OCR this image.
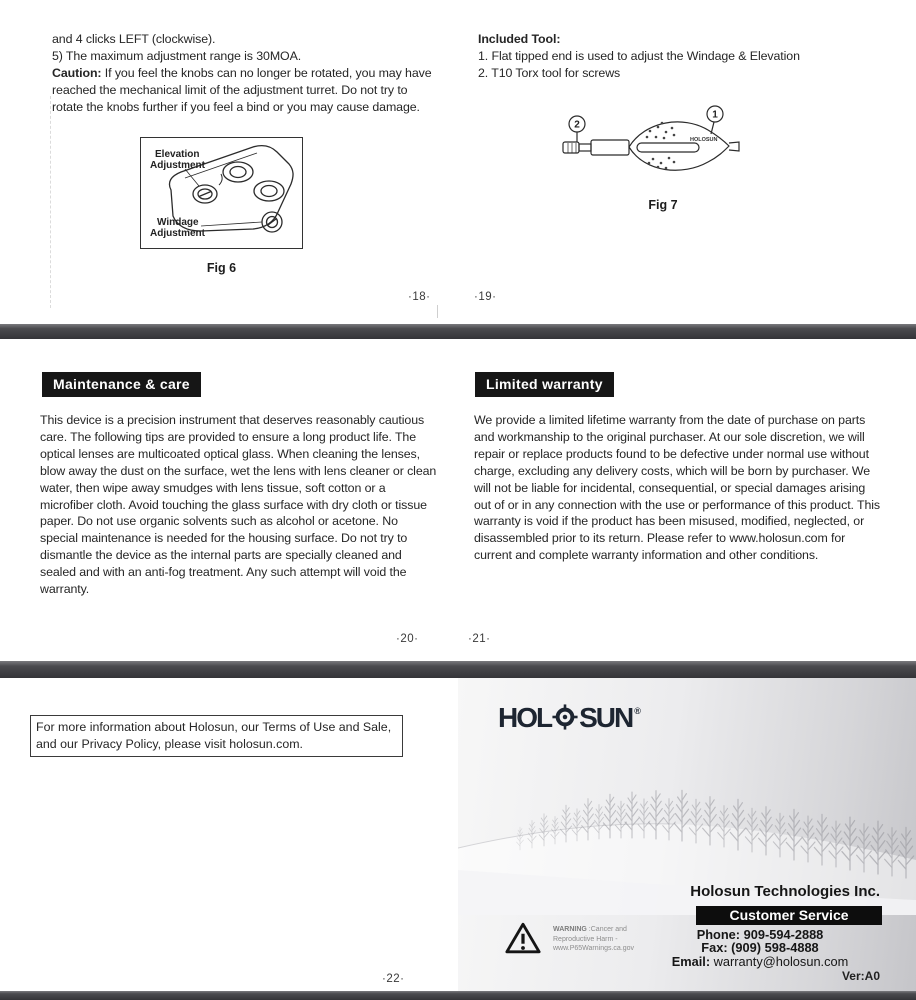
and 4 clicks LEFT (clockwise).
5) The maximum adjustment range is 30MOA.
Caution: If you feel the knobs can no longer be rotated, you may have reached the mechanical limit of the adjustment turret. Do not try to rotate the knobs further if you feel a bind or you may cause damage.
Elevation
Adjustment
Windage
Adjustment
Fig 6
Included Tool:
1. Flat tipped end is used to adjust the Windage & Elevation
2. T10 Torx tool for screws
HOLOSUN
2
1
Fig 7
·18·	·19·
Maintenance & care	Limited warranty
This device is a precision instrument that deserves reasonably cautious care. The following tips are provided to ensure a long product life. The optical lenses are multicoated optical glass. When cleaning the lenses, blow away the dust on the surface, wet the lens with lens cleaner or clean water, then wipe away smudges with lens tissue, soft cotton or a microfiber cloth. Avoid touching the glass surface with dry cloth or tissue paper. Do not use organic solvents such as alcohol or acetone. No special maintenance is needed for the housing surface. Do not try to dismantle the device as the internal parts are specially cleaned and sealed and with an anti-fog treatment. Any such attempt will void the warranty.
We provide a limited lifetime warranty from the date of purchase on parts and workmanship to the original purchaser. At our sole discretion, we will repair or replace products found to be defective under normal use without charge, excluding any delivery costs, which will be born by purchaser. We will not be liable for incidental, consequential, or special damages arising out of or in any connection with the use or performance of this product. This warranty is void if the product has been misused, modified, neglected, or disassembled prior to its return. Please refer to www.holosun.com for current and complete warranty information and other conditions.
·20·	·21·
For more information about Holosun, our Terms of Use and Sale, and our Privacy Policy, please visit holosun.com.
HOL SUN®
Holosun Technologies Inc.
Customer Service
Phone: 909-594-2888
Fax: (909) 598-4888
Email: warranty@holosun.com
Ver:A0
WARNING :Cancer and
Reproductive Harm -
www.P65Warnings.ca.gov
·22·
